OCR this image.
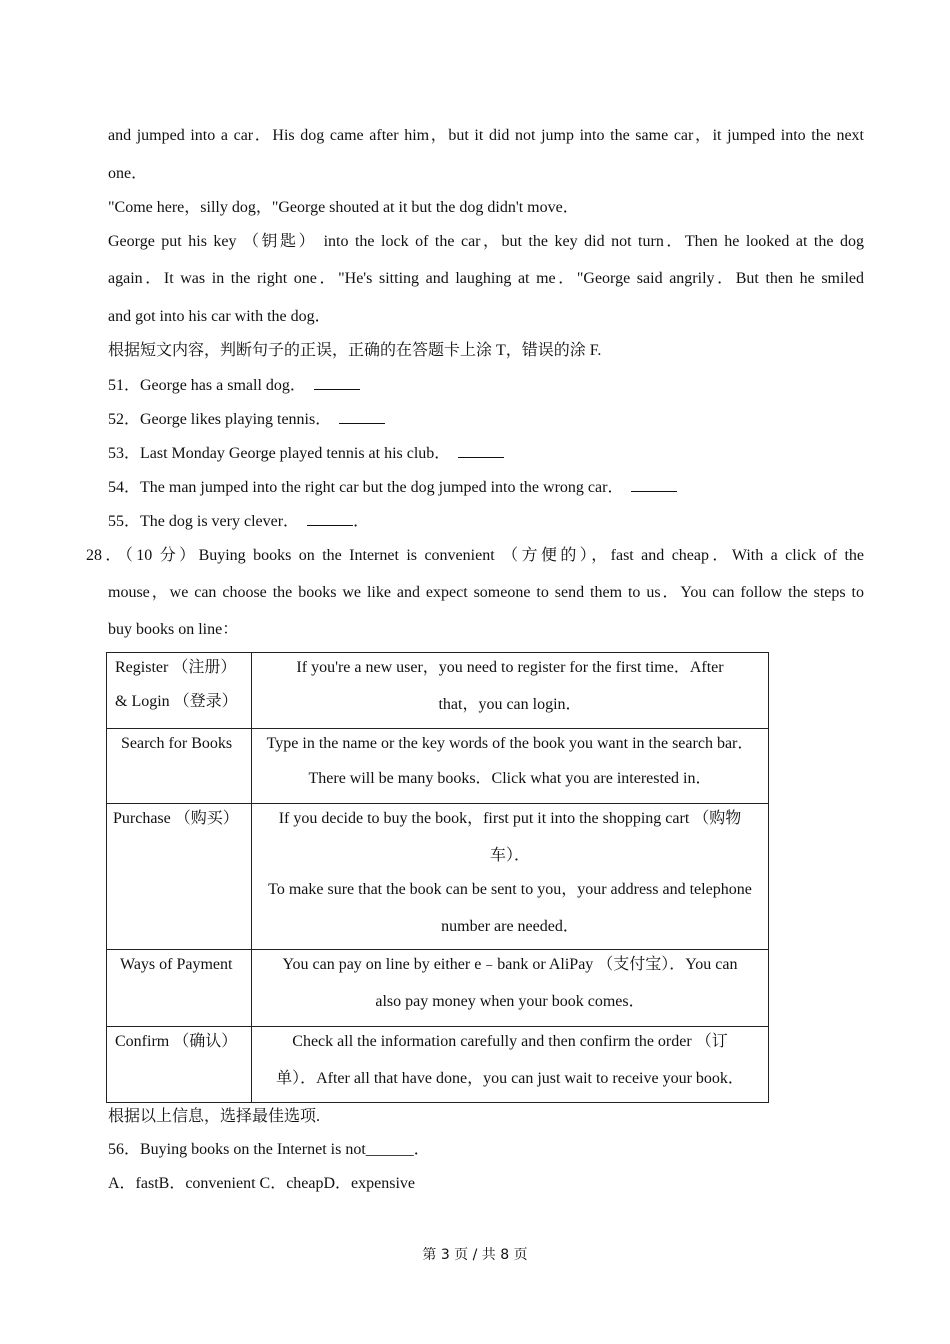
and jumped into a car．His dog came after him，but it did not jump into the same car，it jumped into the next
one．
"Come here，silly dog，"George shouted at it but the dog didn't move．
George put his key （钥匙） into the lock of the car，but the key did not turn．Then he looked at the dog
again．It was in the right one．"He's sitting and laughing at me．"George said angrily．But then he smiled
and got into his car with the dog．
根据短文内容，判断句子的正误，正确的在答题卡上涂 T，错误的涂 F.
51．George has a small dog．
52．George likes playing tennis．
53．Last Monday George played tennis at his club．
54．The man jumped into the right car but the dog jumped into the wrong car．
55．The dog is very clever．	．
28．（10 分）Buying books on the Internet is convenient （方便的），fast and cheap．With a click of the
mouse，we can choose the books we like and expect someone to send them to us．You can follow the steps to
buy books on line：
Register （注册）
& Login （登录）	If you're a new user，you need to register for the first time．After
that，you can login．

Search for Books	Type in the name or the key words of the book you want in the search bar．
There will be many books．Click what you are interested in．

Purchase （购买）	If you decide to buy the book，first put it into the shopping cart （购物
车）．
To make sure that the book can be sent to you，your address and telephone
number are needed．

Ways of Payment	You can pay on line by either e﹣bank or AliPay （支付宝）．You can
also pay money when your book comes．

Confirm （确认）	Check all the information carefully and then confirm the order （订
单）．After all that have done，you can just wait to receive your book．
根据以上信息，选择最佳选项.
56．Buying books on the Internet is not______．
A．fastB．convenient C．cheapD．expensive
第 3 页 / 共 8 页
